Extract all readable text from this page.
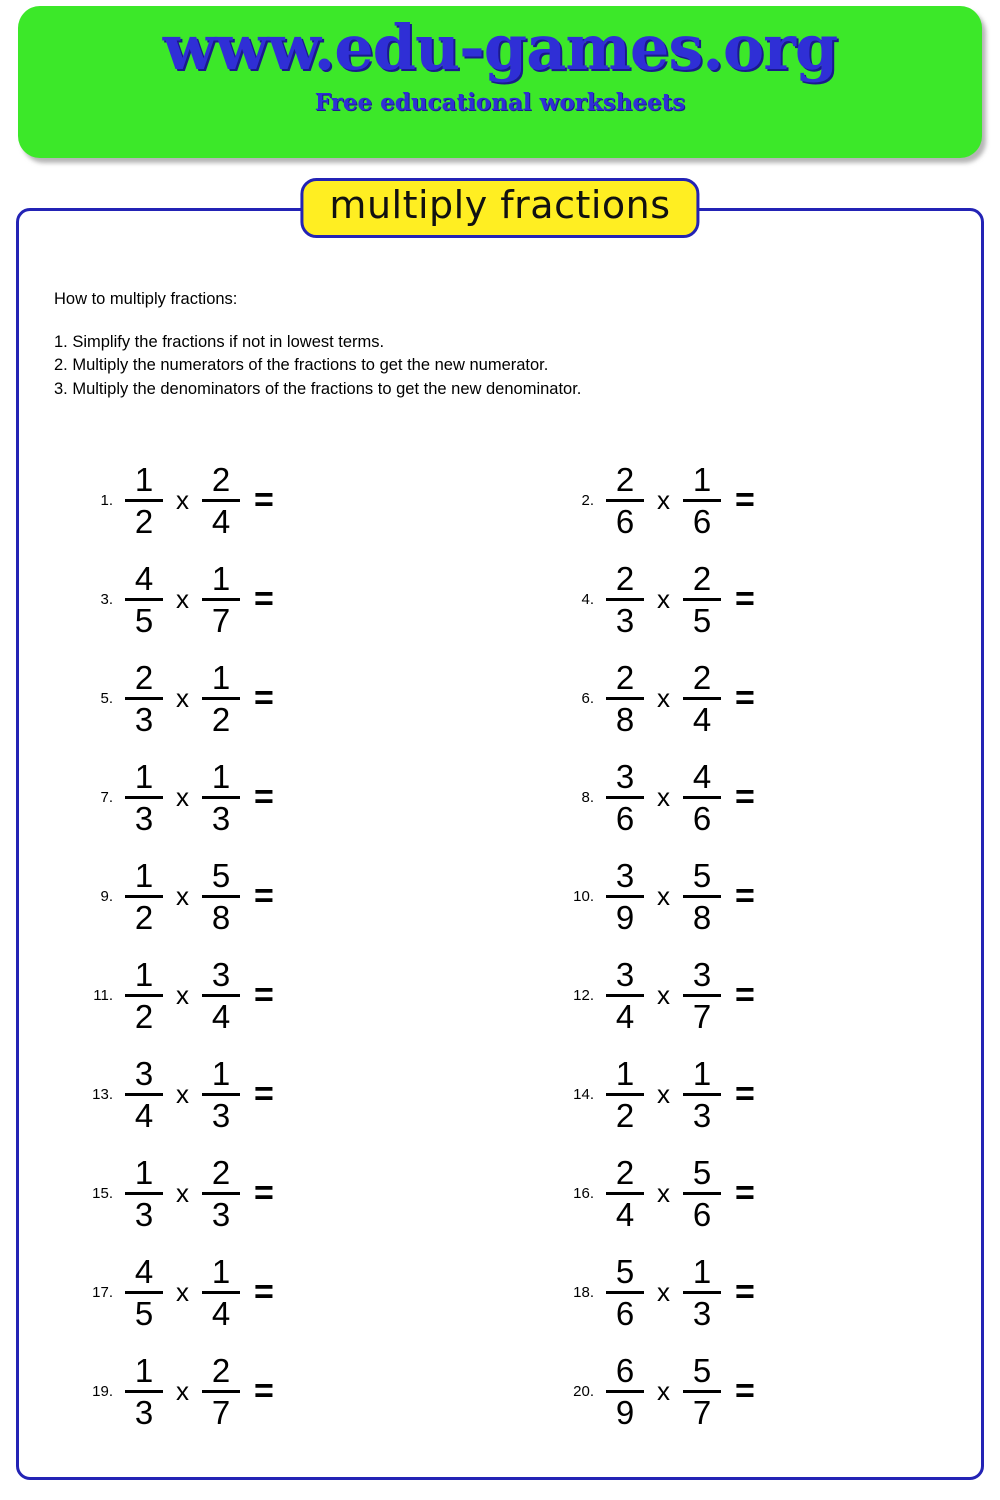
www.edu-games.org
Free educational worksheets
How to multiply fractions:
1. Simplify the fractions if not in lowest terms.
2. Multiply the numerators of the fractions to get the new numerator.
3. Multiply the denominators of the fractions to get the new denominator.
1. $\frac{1}{2}$ x $\frac{2}{4}$ =	2. $\frac{2}{6}$ x $\frac{1}{6}$ =
3. $\frac{4}{5}$ x $\frac{1}{7}$ =	4. $\frac{2}{3}$ x $\frac{2}{5}$ =
5. $\frac{2}{3}$ x $\frac{1}{2}$ =	6. $\frac{2}{8}$ x $\frac{2}{4}$ =
7. $\frac{1}{3}$ x $\frac{1}{3}$ =	8. $\frac{3}{6}$ x $\frac{4}{6}$ =
9. $\frac{1}{2}$ x $\frac{5}{8}$ =	10. $\frac{3}{9}$ x $\frac{5}{8}$ =
11. $\frac{1}{2}$ x $\frac{3}{4}$ =	12. $\frac{3}{4}$ x $\frac{3}{7}$ =
13. $\frac{3}{4}$ x $\frac{1}{3}$ =	14. $\frac{1}{2}$ x $\frac{1}{3}$ =
15. $\frac{1}{3}$ x $\frac{2}{3}$ =	16. $\frac{2}{4}$ x $\frac{5}{6}$ =
17. $\frac{4}{5}$ x $\frac{1}{4}$ =	18. $\frac{5}{6}$ x $\frac{1}{3}$ =
19. $\frac{1}{3}$ x $\frac{2}{7}$ =	20. $\frac{6}{9}$ x $\frac{5}{7}$ =
multiply fractions
